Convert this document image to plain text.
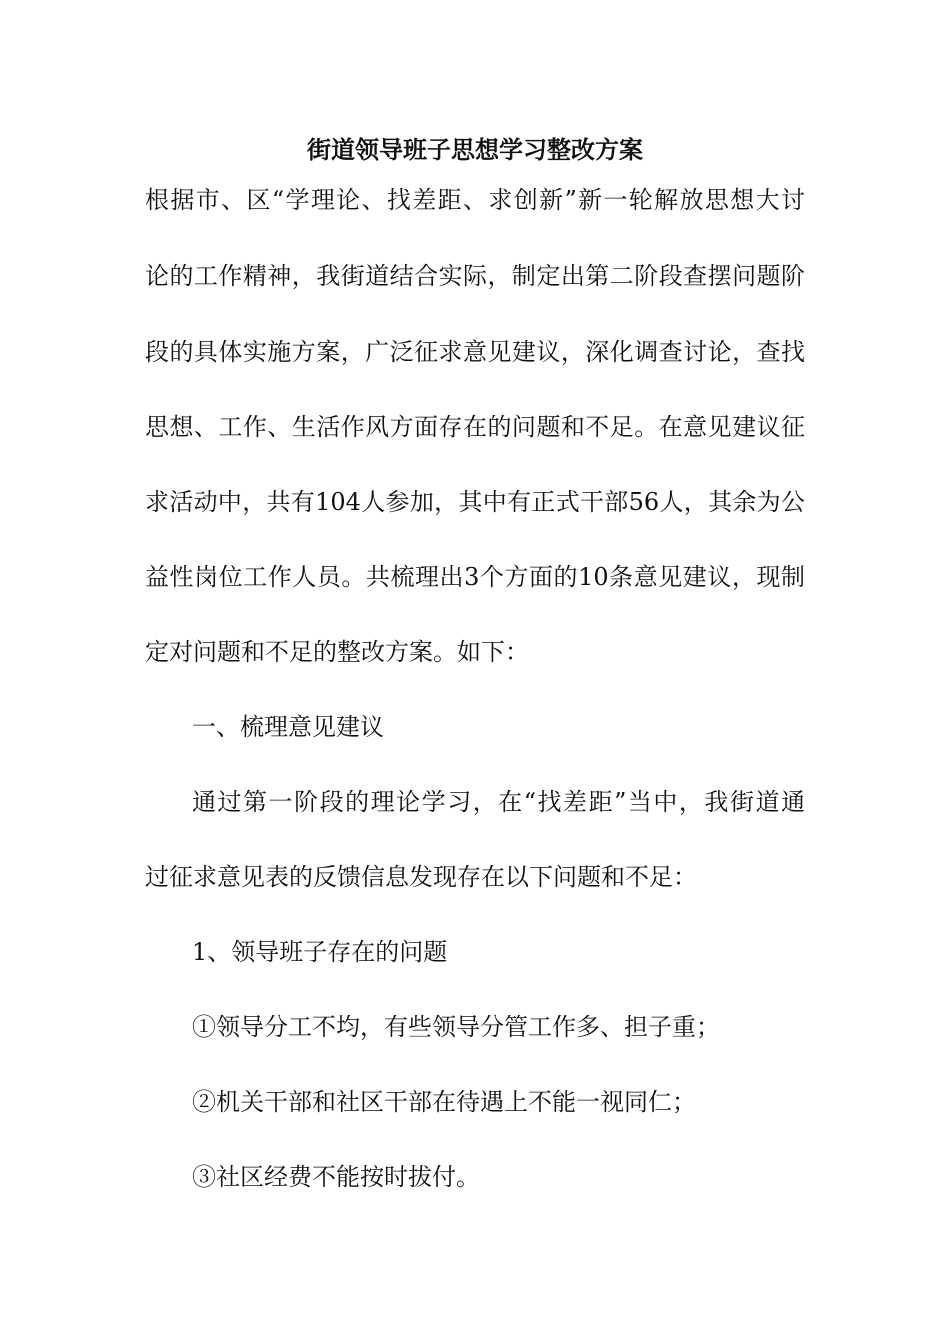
街道领导班子思想学习整改方案
根据市、区“学理论、找差距、求创新”新一轮解放思想大讨
论的工作精神，我街道结合实际，制定出第二阶段查摆问题阶
段的具体实施方案，广泛征求意见建议，深化调查讨论，查找
思想、工作、生活作风方面存在的问题和不足。在意见建议征
求活动中，共有104人参加，其中有正式干部56人，其余为公
益性岗位工作人员。共梳理出3个方面的10条意见建议，现制
定对问题和不足的整改方案。如下：
一、梳理意见建议
通过第一阶段的理论学习，在“找差距”当中，我街道通
过征求意见表的反馈信息发现存在以下问题和不足：
1、领导班子存在的问题
①领导分工不均，有些领导分管工作多、担子重；
②机关干部和社区干部在待遇上不能一视同仁；
③社区经费不能按时拔付。
